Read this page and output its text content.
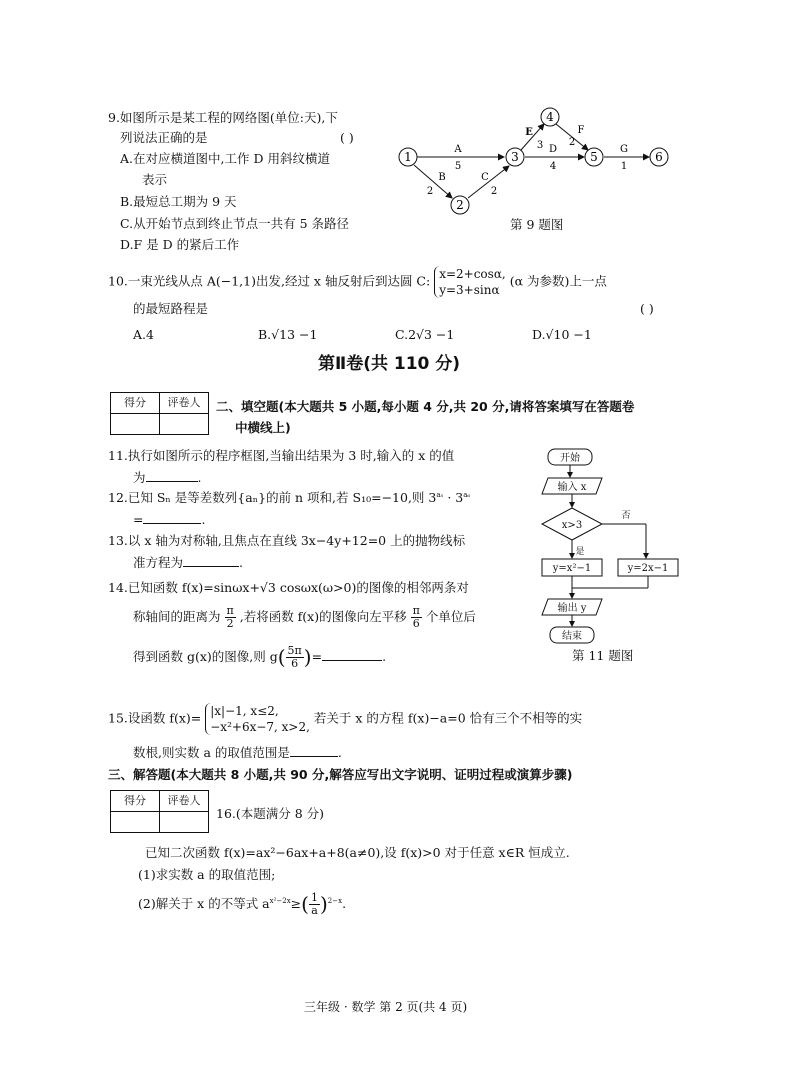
9.如图所示是某工程的网络图(单位:天),下
列说法正确的是	( )
A.在对应横道图中,工作 D 用斜纹横道
表示
B.最短总工期为 9 天
C.从开始节点到终止节点一共有 5 条路径
D.F 是 D 的紧后工作
1
2
3
4
5	6
A
5
B
2
C
2
E
3
F
2
D
4
G
1
第 9 题图
10.一束光线从点 A(−1,1)出发,经过 x 轴反射后到达圆 C: x=2+cosα,
y=3+sinα
(α 为参数)上一点
的最短路程是	( )
A.4	B.√13 −1	C.2√3 −1	D.√10 −1
第Ⅱ卷(共 110 分)
得分	评卷人
	二、填空题(本大题共 5 小题,每小题 4 分,共 20 分,请将答案填写在答题卷
中横线上)
11.执行如图所示的程序框图,当输出结果为 3 时,输入的 x 的值
为	.
开始
输入 x
x>3
是
否
y=x²−1	y=2x−1
输出 y
结束
第 11 题图
12.已知 Sₙ 是等差数列{aₙ}的前 n 项和,若 S₁₀=−10,则 $3^{a_5} \cdot 3^{a_6}$
=	.
13.以 x 轴为对称轴,且焦点在直线 3x−4y+12=0 上的抛物线标
准方程为	.
14.已知函数 f(x)=sinωx+√3 cosωx(ω>0)的图像的相邻两条对
称轴间的距离为 $\frac{\pi}{2}$ ,若将函数 f(x)的图像向左平移 $\frac{\pi}{6}$ 个单位后
得到函数 g(x)的图像,则 $g( \frac{5\pi}{6}$ )=	.
15.设函数 f(x)= |x|−1, x≤2,
−x²+6x−7, x>2,
若关于 x 的方程 f(x)−a=0 恰有三个不相等的实
数根,则实数 a 的取值范围是	.
三、解答题(本大题共 8 小题,共 90 分,解答应写出文字说明、证明过程或演算步骤)
得分	评卷人

16.(本题满分 8 分)
已知二次函数 f(x)=ax²−6ax+a+8(a≠0),设 f(x)>0 对于任意 x∈R 恒成立.
(1)求实数 a 的取值范围;
(2)解关于 x 的不等式 $a^{x^2-2x}\ge( \frac{1}{a} )^{2-x}$.
三年级 · 数学 第 2 页(共 4 页)
